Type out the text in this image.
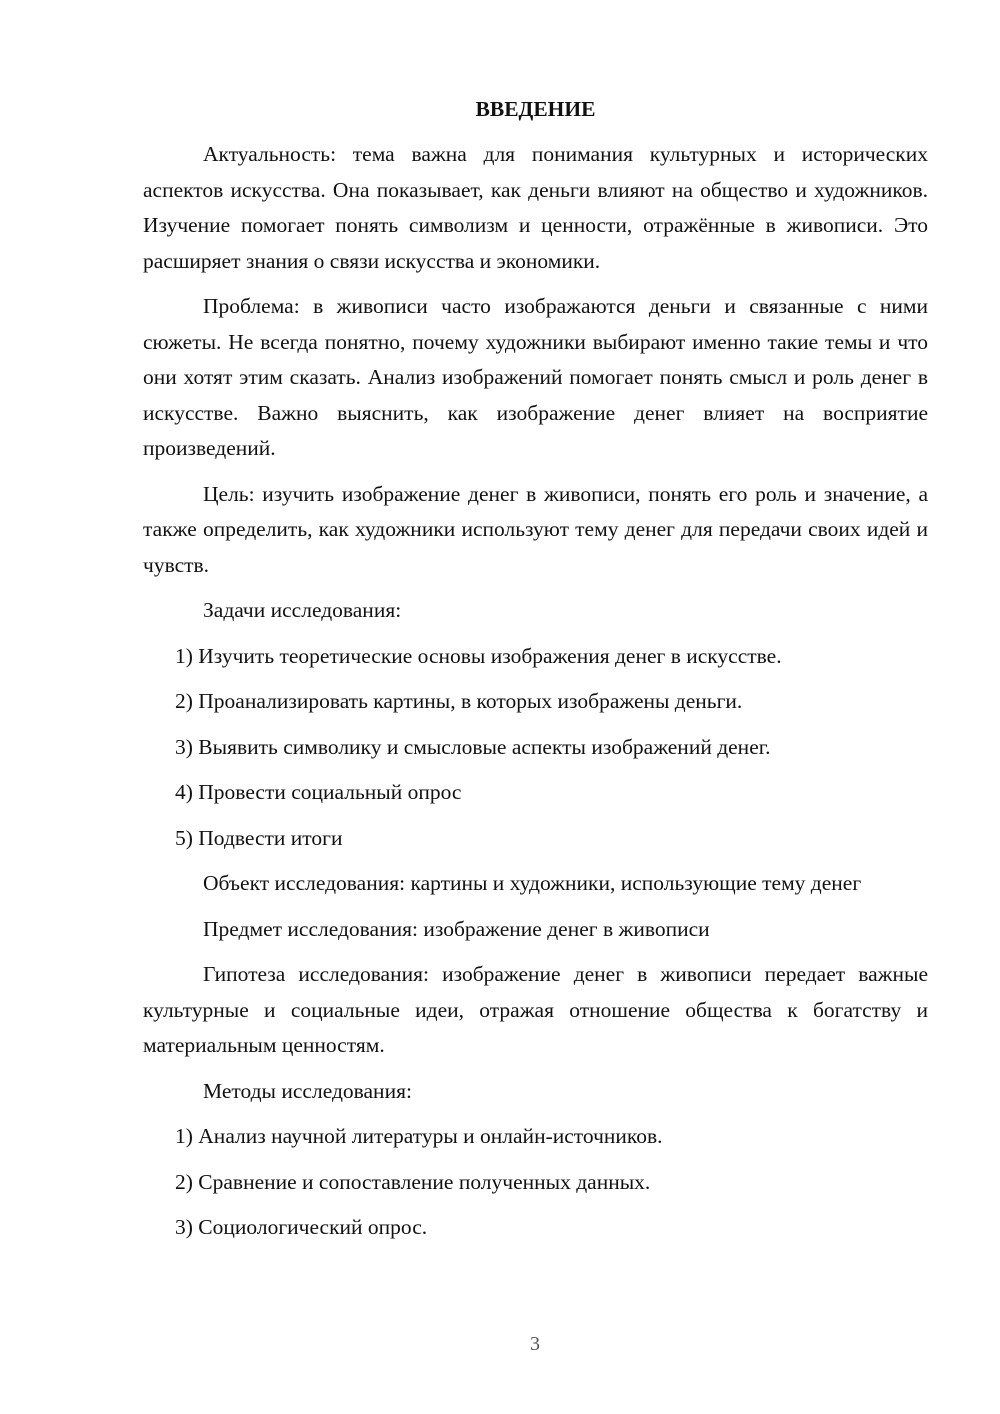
ВВЕДЕНИЕ

Актуальность: тема важна для понимания культурных и исторических аспектов искусства. Она показывает, как деньги влияют на общество и художников. Изучение помогает понять символизм и ценности, отражённые в живописи. Это расширяет знания о связи искусства и экономики.

Проблема: в живописи часто изображаются деньги и связанные с ними сюжеты. Не всегда понятно, почему художники выбирают именно такие темы и что они хотят этим сказать. Анализ изображений помогает понять смысл и роль денег в искусстве. Важно выяснить, как изображение денег влияет на восприятие произведений.

Цель: изучить изображение денег в живописи, понять его роль и значение, а также определить, как художники используют тему денег для передачи своих идей и чувств.

Задачи исследования:

1) Изучить теоретические основы изображения денег в искусстве.
2) Проанализировать картины, в которых изображены деньги.
3) Выявить символику и смысловые аспекты изображений денег.
4) Провести социальный опрос
5) Подвести итоги

Объект исследования: картины и художники, использующие тему денег

Предмет исследования: изображение денег в живописи

Гипотеза исследования: изображение денег в живописи передает важные культурные и социальные идеи, отражая отношение общества к богатству и материальным ценностям.

Методы исследования:

1) Анализ научной литературы и онлайн-источников.
2) Сравнение и сопоставление полученных данных.
3) Социологический опрос.
3
